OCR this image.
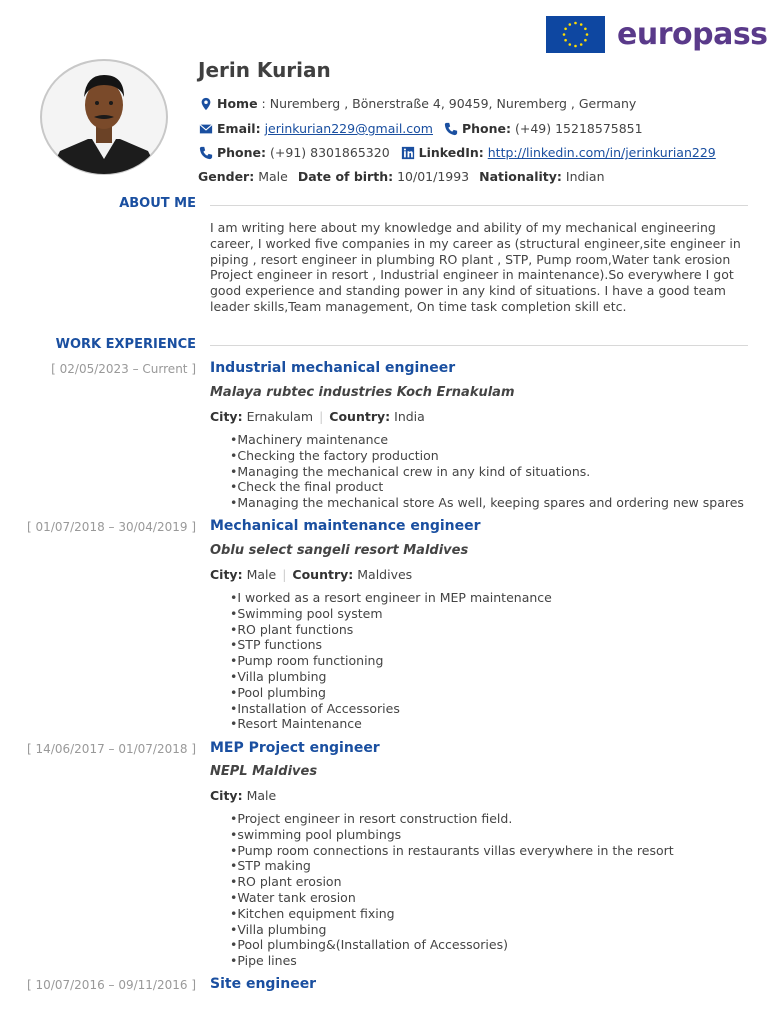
europass
Jerin Kurian
Home
: Nuremberg , Bönerstraße 4, 90459, Nuremberg , Germany
Email:
jerinkurian229@gmail.com Phone:
(+49) 15218575851
Phone:
(+91) 8301865320 LinkedIn:
http://linkedin.com/in/jerinkurian229
Gender:
Male Date of birth:
10/01/1993 Nationality:
Indian
ABOUT ME
I am writing here about my knowledge and ability of my mechanical engineering career, I worked five companies in my career as (structural engineer,site engineer in piping , resort engineer in plumbing RO plant , STP, Pump room,Water tank erosion Project engineer in resort , Industrial engineer in maintenance).So everywhere I got good experience and standing power in any kind of situations. I have a good team leader skills,Team management, On time task completion skill etc.
WORK EXPERIENCE
[ 02/05/2023 – Current ] Industrial mechanical engineer
Malaya rubtec industries Koch Ernakulam
City: Ernakulam | Country: India
• Machinery maintenance
• Checking the factory production
• Managing the mechanical crew in any kind of situations.
• Check the final product
• Managing the mechanical store As well, keeping spares and ordering new spares
[ 01/07/2018 – 30/04/2019 ] Mechanical maintenance engineer
Oblu select sangeli resort Maldives
City: Male | Country: Maldives
• I worked as a resort engineer in MEP maintenance
• Swimming pool system
• RO plant functions
• STP functions
• Pump room functioning
• Villa plumbing
• Pool plumbing
• Installation of Accessories
• Resort Maintenance
[ 14/06/2017 – 01/07/2018 ] MEP Project engineer
NEPL Maldives
City: Male
• Project engineer in resort construction field.
• swimming pool plumbings
• Pump room connections in restaurants villas everywhere in the resort
• STP making
• RO plant erosion
• Water tank erosion
• Kitchen equipment fixing
• Villa plumbing
• Pool plumbing&(Installation of Accessories)
• Pipe lines
[ 10/07/2016 – 09/11/2016 ] Site engineer
